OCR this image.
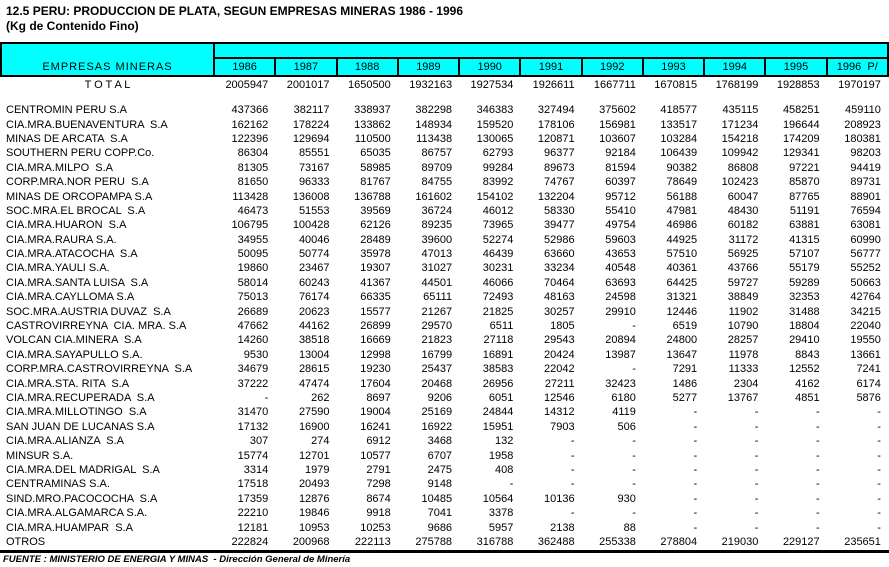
12.5 PERU: PRODUCCION DE PLATA, SEGUN EMPRESAS MINERAS 1986 - 1996
(Kg de Contenido Fino)
EMPRESAS MINERAS	1986	1987	1988	1989	1990	1991	1992	1993	1994	1995	1996  P/
T O T A L	2005947	2001017	1650500	1932163	1927534	1926611	1667711	1670815	1768199	1928853	1970197
CENTROMIN PERU S.A	437366	382117	338937	382298	346383	327494	375602	418577	435115	458251	459110
CIA.MRA.BUENAVENTURA  S.A	162162	178224	133862	148934	159520	178106	156981	133517	171234	196644	208923
MINAS DE ARCATA  S.A	122396	129694	110500	113438	130065	120871	103607	103284	154218	174209	180381
SOUTHERN PERU COPP.Co.	86304	85551	65035	86757	62793	96377	92184	106439	109942	129341	98203
CIA.MRA.MILPO  S.A	81305	73167	58985	89709	99284	89673	81594	90382	86808	97221	94419
CORP.MRA.NOR PERU  S.A	81650	96333	81767	84755	83992	74767	60397	78649	102423	85870	89731
MINAS DE ORCOPAMPA S.A	113428	136008	136788	161602	154102	132204	95712	56188	60047	87765	88901
SOC.MRA.EL BROCAL  S.A	46473	51553	39569	36724	46012	58330	55410	47981	48430	51191	76594
CIA.MRA.HUARON  S.A	106795	100428	62126	89235	73965	39477	49754	46986	60182	63881	63081
CIA.MRA.RAURA S.A.	34955	40046	28489	39600	52274	52986	59603	44925	31172	41315	60990
CIA.MRA.ATACOCHA  S.A	50095	50774	35978	47013	46439	63660	43653	57510	56925	57107	56777
CIA.MRA.YAULI S.A.	19860	23467	19307	31027	30231	33234	40548	40361	43766	55179	55252
CIA.MRA.SANTA LUISA  S.A	58014	60243	41367	44501	46066	70464	63693	64425	59727	59289	50663
CIA.MRA.CAYLLOMA S.A	75013	76174	66335	65111	72493	48163	24598	31321	38849	32353	42764
SOC.MRA.AUSTRIA DUVAZ  S.A	26689	20623	15577	21267	21825	30257	29910	12446	11902	31488	34215
CASTROVIRREYNA  CIA. MRA. S.A	47662	44162	26899	29570	6511	1805	-	6519	10790	18804	22040
VOLCAN CIA.MINERA  S.A	14260	38518	16669	21823	27118	29543	20894	24800	28257	29410	19550
CIA.MRA.SAYAPULLO S.A.	9530	13004	12998	16799	16891	20424	13987	13647	11978	8843	13661
CORP.MRA.CASTROVIRREYNA  S.A	34679	28615	19230	25437	38583	22042	-	7291	11333	12552	7241
CIA.MRA.STA. RITA  S.A	37222	47474	17604	20468	26956	27211	32423	1486	2304	4162	6174
CIA.MRA.RECUPERADA  S.A	-	262	8697	9206	6051	12546	6180	5277	13767	4851	5876
CIA.MRA.MILLOTINGO  S.A	31470	27590	19004	25169	24844	14312	4119	-	-	-	-
SAN JUAN DE LUCANAS S.A	17132	16900	16241	16922	15951	7903	506	-	-	-	-
CIA.MRA.ALIANZA  S.A	307	274	6912	3468	132	-	-	-	-	-	-
MINSUR S.A.	15774	12701	10577	6707	1958	-	-	-	-	-	-
CIA.MRA.DEL MADRIGAL  S.A	3314	1979	2791	2475	408	-	-	-	-	-	-
CENTRAMINAS S.A.	17518	20493	7298	9148	-	-	-	-	-	-	-
SIND.MRO.PACOCOCHA  S.A	17359	12876	8674	10485	10564	10136	930	-	-	-	-
CIA.MRA.ALGAMARCA S.A.	22210	19846	9918	7041	3378	-	-	-	-	-	-
CIA.MRA.HUAMPAR  S.A	12181	10953	10253	9686	5957	2138	88	-	-	-	-
OTROS	222824	200968	222113	275788	316788	362488	255338	278804	219030	229127	235651
FUENTE : MINISTERIO DE ENERGIA Y MINAS  - Dirección General de Minería
